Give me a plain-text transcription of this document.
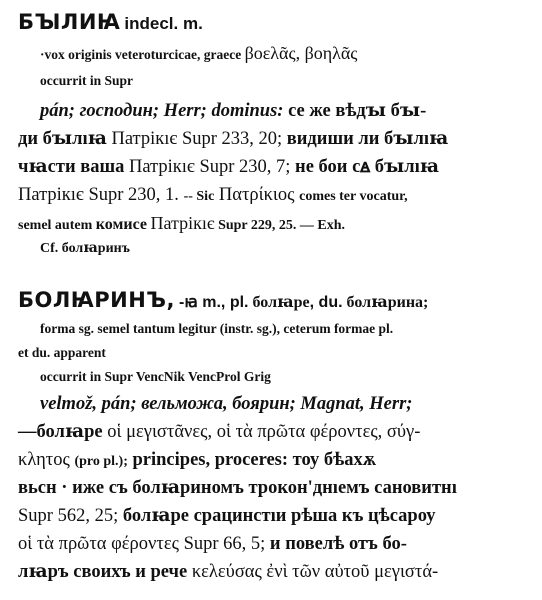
БꙐЛИꙖ indecl. m.
·vox originis veteroturcicae, graece βοελᾶς, βοηλᾶς
occurrit in Supr
pán; господин; Herr; dominus: се же вѣдꙑ бꙑ-
ди бꙑлıꙗ Патрікıє Supr 233, 20; видиши ли бꙑлıꙗ
чꙗсти ваша Патрікıє Supr 230, 7; не бои сꙙ бꙑлıꙗ
Патрікıє Supr 230, 1. -- Sic Πατρίκιος comes ter vocatur,
semel autem комисе Патрікıє Supr 229, 25. — Exh.
Cf. болꙗринъ
БОЛꙖРИНЪ, -ꙗ m., pl. болꙗре, du. болꙗрина;
forma sg. semel tantum legitur (instr. sg.), ceterum formae pl.
et du. apparent
occurrit in Supr VencNik VencProl Grig
velmož, pán; вельможа, боярин; Magnat, Herr;
—болꙗре οἱ μεγιστᾶνες, οἱ τὰ πρῶτα φέροντες, σύγ-
κλητος (pro pl.); principes, proceres: тоу бѣахѫ
вьсн · иже съ болꙗриномъ трокон'днıемъ сановитнı
Supr 562, 25; болꙗре срацинстıи рѣша къ цѣсароу
οἱ τὰ πρῶτα φέροντες Supr 66, 5; и повелѣ отъ бо-
лꙗръ своихъ и рече κελεύσας ἐνὶ τῶν αὐτοῦ μεγιστά-
